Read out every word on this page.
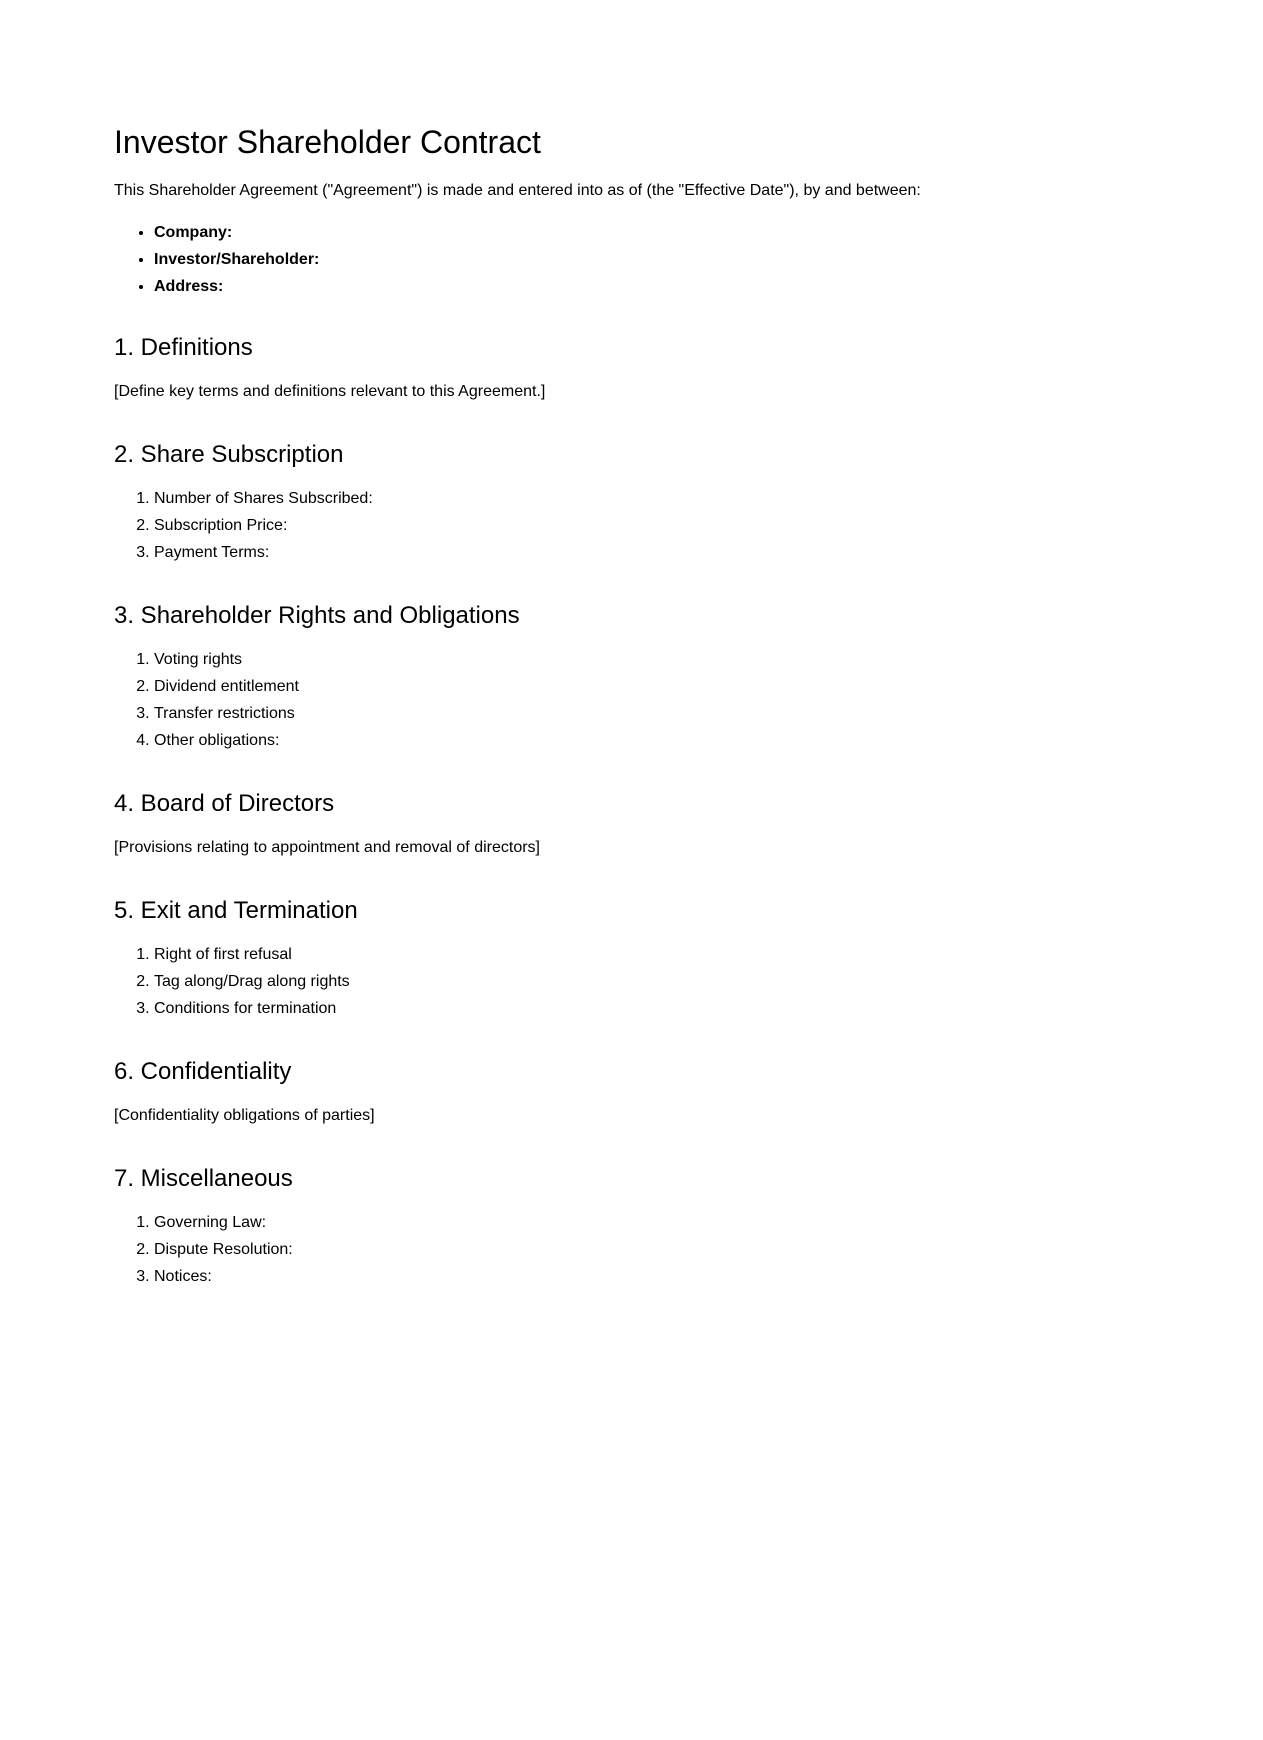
Investor Shareholder Contract

This Shareholder Agreement ("Agreement") is made and entered into as of (the "Effective Date"), by and between:

• Company:
• Investor/Shareholder:
• Address:
1. Definitions

[Define key terms and definitions relevant to this Agreement.]

2. Share Subscription
1. Number of Shares Subscribed:
2. Subscription Price:
3. Payment Terms:
3. Shareholder Rights and Obligations
1. Voting rights
2. Dividend entitlement
3. Transfer restrictions
4. Other obligations:
4. Board of Directors

[Provisions relating to appointment and removal of directors]

5. Exit and Termination
1. Right of first refusal
2. Tag along/Drag along rights
3. Conditions for termination
6. Confidentiality

[Confidentiality obligations of parties]

7. Miscellaneous
1. Governing Law:
2. Dispute Resolution:
3. Notices:
